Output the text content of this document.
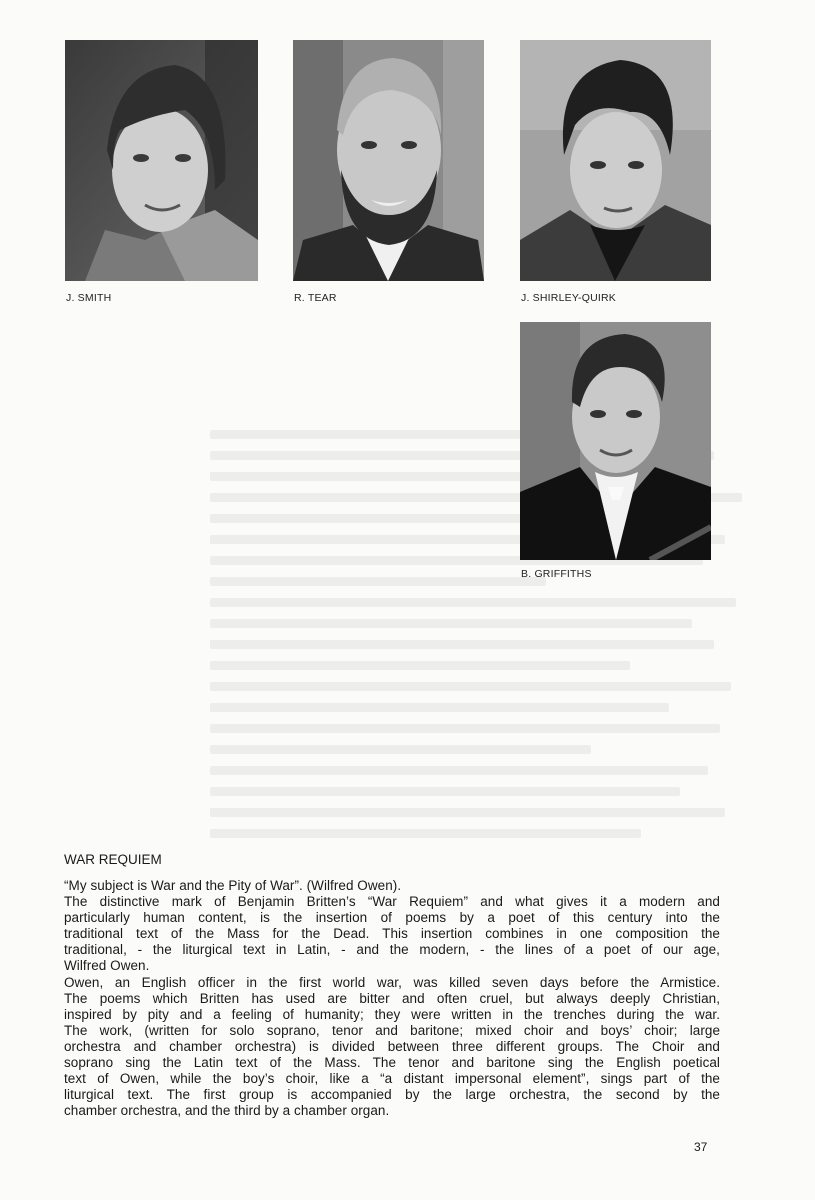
J. SMITH	R. TEAR	J. SHIRLEY-QUIRK
B. GRIFFITHS

WAR REQUIEM

“My subject is War and the Pity of War”. (Wilfred Owen).

The distinctive mark of Benjamin Britten’s “War Requiem” and what gives it a modern and

particularly human content, is the insertion of poems by a poet of this century into the

traditional text of the Mass for the Dead. This insertion combines in one composition the

traditional, - the liturgical text in Latin, - and the modern, - the lines of a poet of our age,

Wilfred Owen.

Owen, an English officer in the first world war, was killed seven days before the Armistice.

The poems which Britten has used are bitter and often cruel, but always deeply Christian,

inspired by pity and a feeling of humanity; they were written in the trenches during the war.

The work, (written for solo soprano, tenor and baritone; mixed choir and boys’ choir; large

orchestra and chamber orchestra) is divided between three different groups. The Choir and

soprano sing the Latin text of the Mass. The tenor and baritone sing the English poetical

text of Owen, while the boy’s choir, like a “a distant impersonal element”, sings part of the

liturgical text. The first group is accompanied by the large orchestra, the second by the

chamber orchestra, and the third by a chamber organ.

37
